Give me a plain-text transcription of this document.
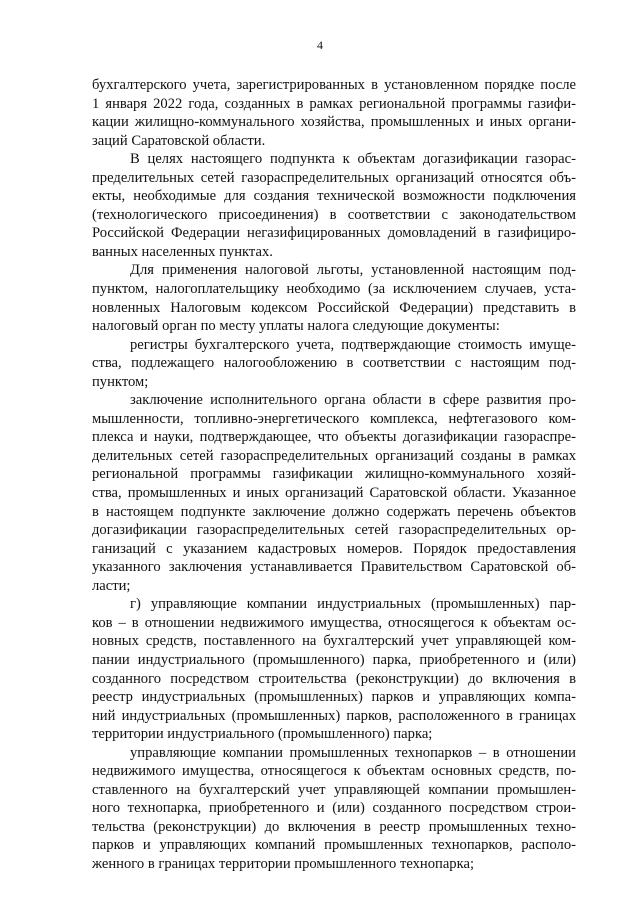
4
бухгалтерского учета, зарегистрированных в установленном порядке после
1 января 2022 года, созданных в рамках региональной программы газифи-
кации жилищно-коммунального хозяйства, промышленных и иных органи-
заций Саратовской области.
В целях настоящего подпункта к объектам догазификации газорас-
пределительных сетей газораспределительных организаций относятся объ-
екты, необходимые для создания технической возможности подключения
(технологического присоединения) в соответствии с законодательством
Российской Федерации негазифицированных домовладений в газифициро-
ванных населенных пунктах.
Для применения налоговой льготы, установленной настоящим под-
пунктом, налогоплательщику необходимо (за исключением случаев, уста-
новленных Налоговым кодексом Российской Федерации) представить в
налоговый орган по месту уплаты налога следующие документы:
регистры бухгалтерского учета, подтверждающие стоимость имуще-
ства, подлежащего налогообложению в соответствии с настоящим под-
пунктом;
заключение исполнительного органа области в сфере развития про-
мышленности, топливно-энергетического комплекса, нефтегазового ком-
плекса и науки, подтверждающее, что объекты догазификации газораспре-
делительных сетей газораспределительных организаций созданы в рамках
региональной программы газификации жилищно-коммунального хозяй-
ства, промышленных и иных организаций Саратовской области. Указанное
в настоящем подпункте заключение должно содержать перечень объектов
догазификации газораспределительных сетей газораспределительных ор-
ганизаций с указанием кадастровых номеров. Порядок предоставления
указанного заключения устанавливается Правительством Саратовской об-
ласти;
г) управляющие компании индустриальных (промышленных) пар-
ков – в отношении недвижимого имущества, относящегося к объектам ос-
новных средств, поставленного на бухгалтерский учет управляющей ком-
пании индустриального (промышленного) парка, приобретенного и (или)
созданного посредством строительства (реконструкции) до включения в
реестр индустриальных (промышленных) парков и управляющих компа-
ний индустриальных (промышленных) парков, расположенного в границах
территории индустриального (промышленного) парка;
управляющие компании промышленных технопарков – в отношении
недвижимого имущества, относящегося к объектам основных средств, по-
ставленного на бухгалтерский учет управляющей компании промышлен-
ного технопарка, приобретенного и (или) созданного посредством строи-
тельства (реконструкции) до включения в реестр промышленных техно-
парков и управляющих компаний промышленных технопарков, располо-
женного в границах территории промышленного технопарка;
